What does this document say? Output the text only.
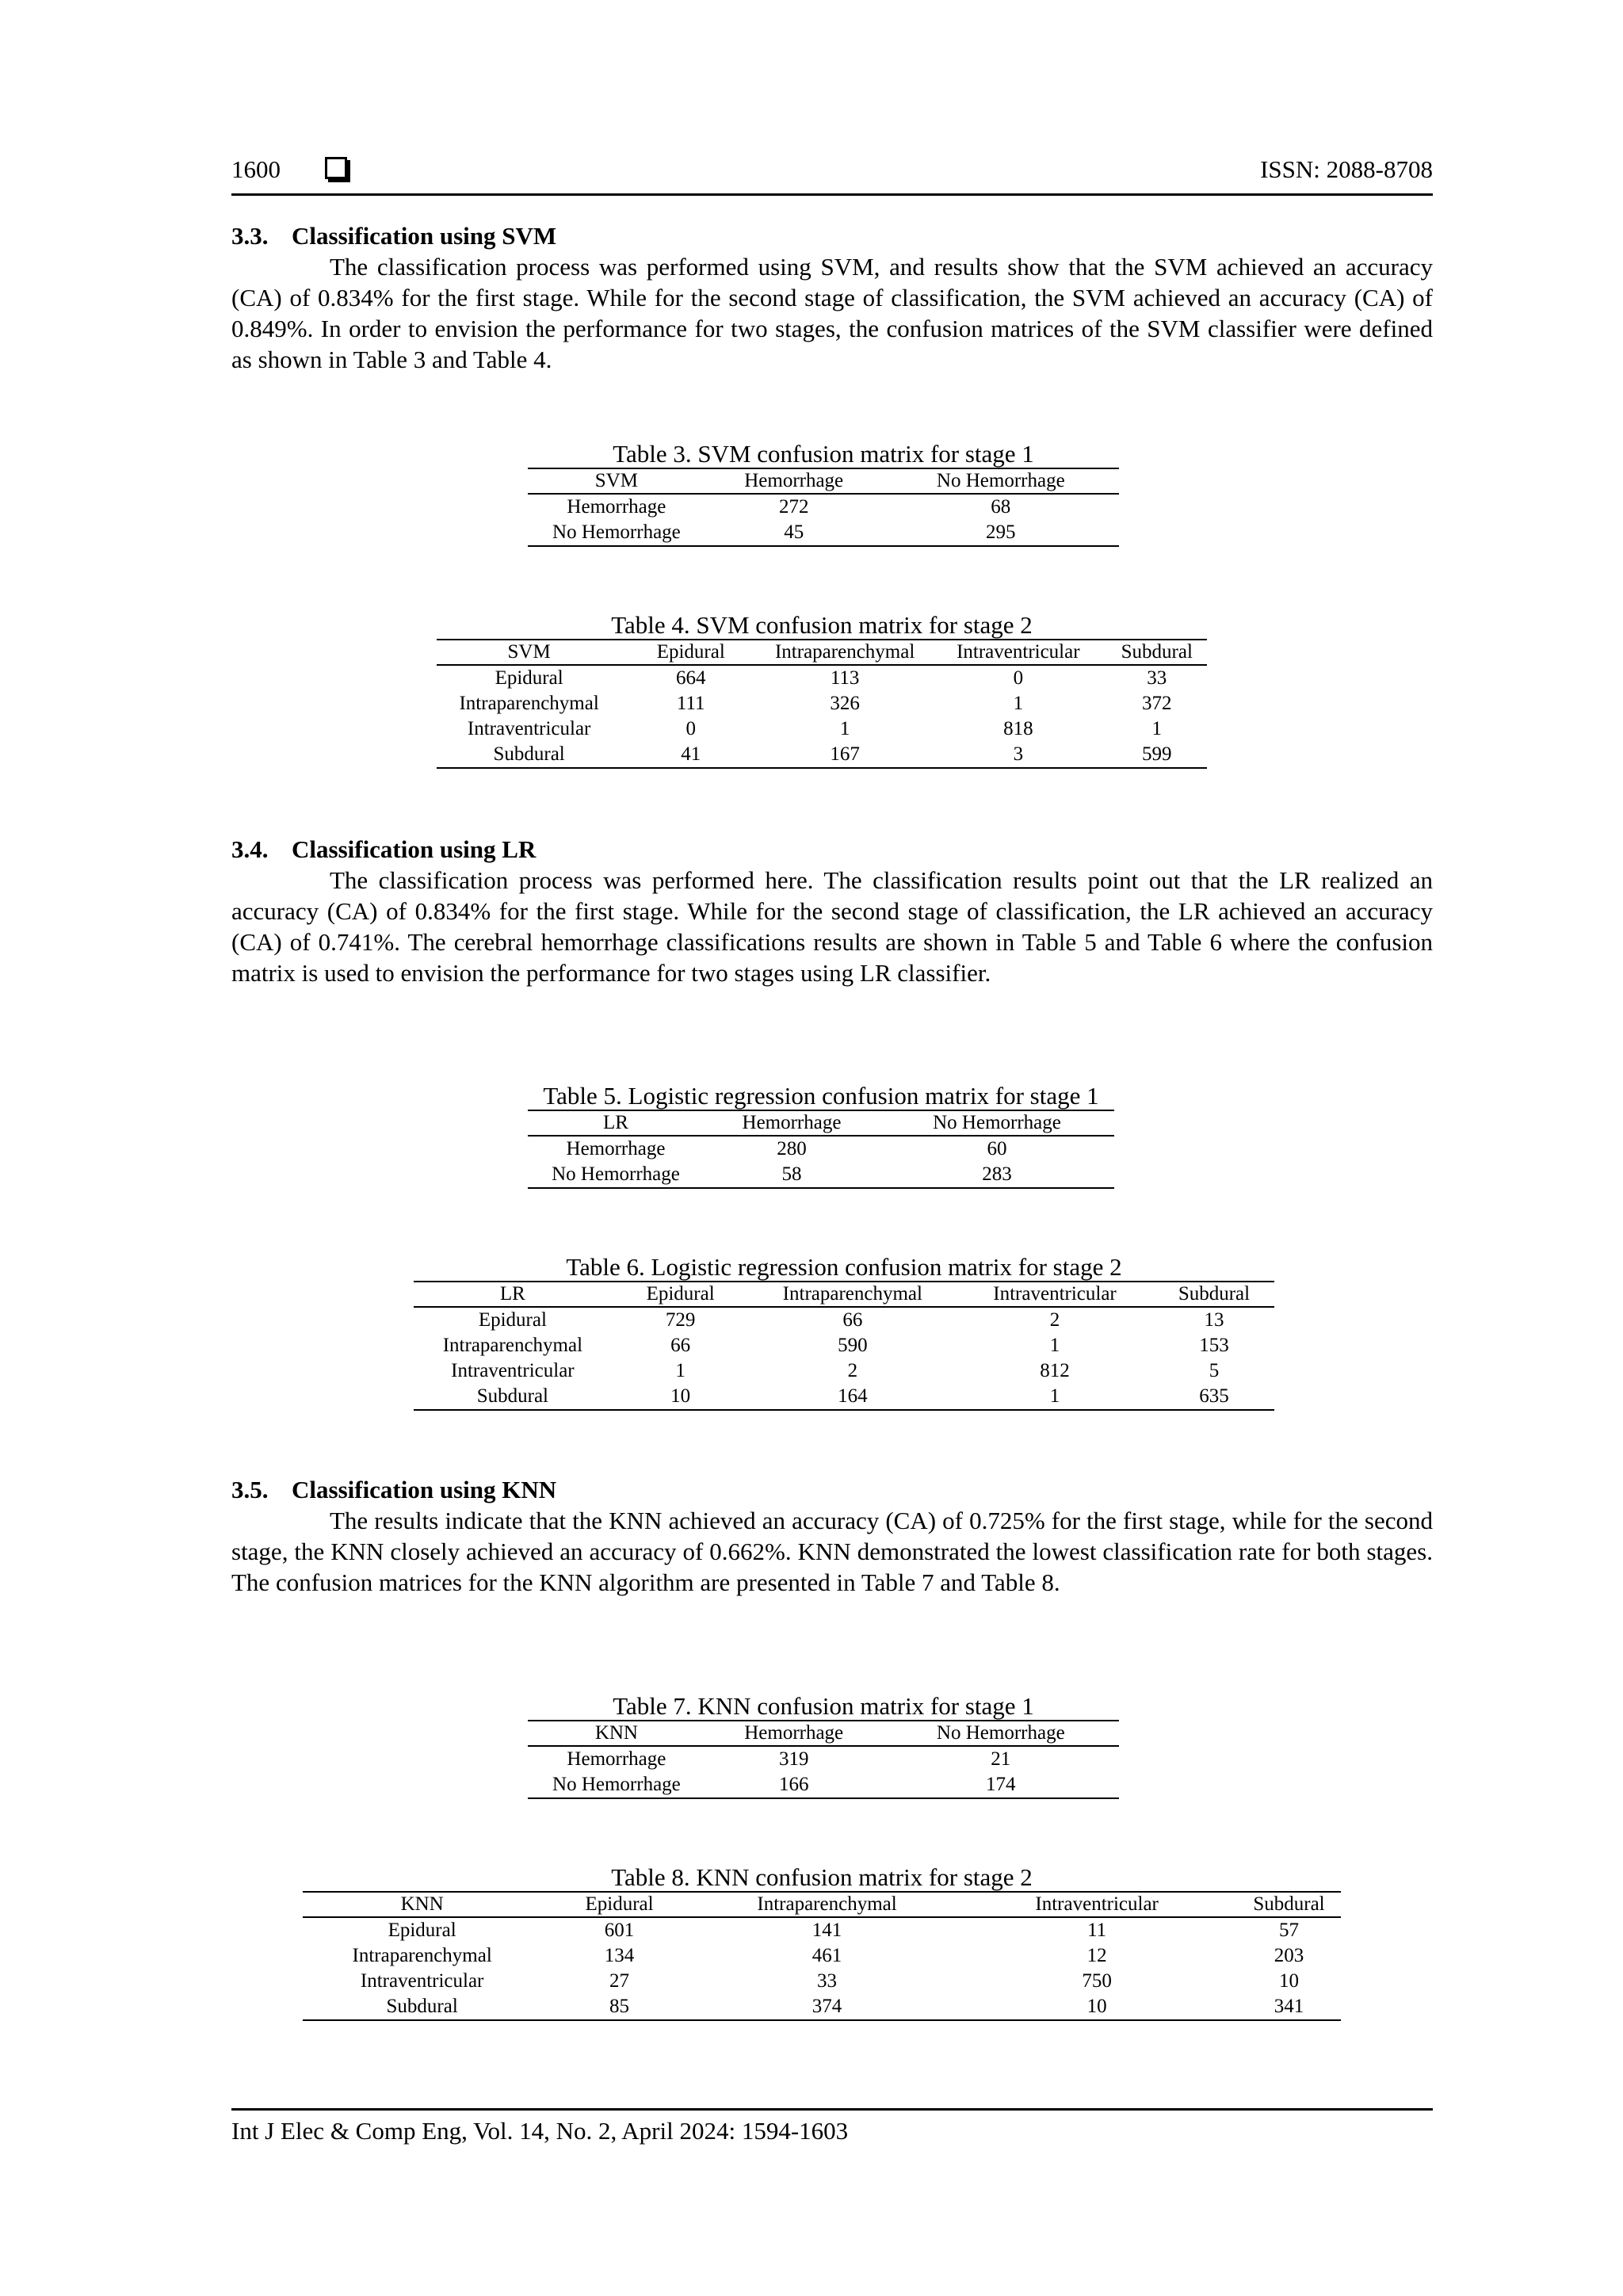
1600	ISSN: 2088-8708
3.3. Classification using SVM

The classification process was performed using SVM, and results show that the SVM achieved an accuracy (CA) of 0.834% for the first stage. While for the second stage of classification, the SVM achieved an accuracy (CA) of 0.849%. In order to envision the performance for two stages, the confusion matrices of the SVM classifier were defined as shown in Table 3 and Table 4.

Table 3. SVM confusion matrix for stage 1
SVM	Hemorrhage	No Hemorrhage
Hemorrhage	272	68
No Hemorrhage	45	295
Table 4. SVM confusion matrix for stage 2
SVM	Epidural	Intraparenchymal	Intraventricular	Subdural
Epidural	664	113	0	33
Intraparenchymal	111	326	1	372
Intraventricular	0	1	818	1
Subdural	41	167	3	599
3.4. Classification using LR

The classification process was performed here. The classification results point out that the LR realized an accuracy (CA) of 0.834% for the first stage. While for the second stage of classification, the LR achieved an accuracy (CA) of 0.741%. The cerebral hemorrhage classifications results are shown in Table 5 and Table 6 where the confusion matrix is used to envision the performance for two stages using LR classifier.

Table 5. Logistic regression confusion matrix for stage 1
LR	Hemorrhage	No Hemorrhage
Hemorrhage	280	60
No Hemorrhage	58	283
Table 6. Logistic regression confusion matrix for stage 2
LR	Epidural	Intraparenchymal	Intraventricular	Subdural
Epidural	729	66	2	13
Intraparenchymal	66	590	1	153
Intraventricular	1	2	812	5
Subdural	10	164	1	635
3.5. Classification using KNN

The results indicate that the KNN achieved an accuracy (CA) of 0.725% for the first stage, while for the second stage, the KNN closely achieved an accuracy of 0.662%. KNN demonstrated the lowest classification rate for both stages. The confusion matrices for the KNN algorithm are presented in Table 7 and Table 8.

Table 7. KNN confusion matrix for stage 1
KNN	Hemorrhage	No Hemorrhage
Hemorrhage	319	21
No Hemorrhage	166	174
Table 8. KNN confusion matrix for stage 2
KNN	Epidural	Intraparenchymal	Intraventricular	Subdural
Epidural	601	141	11	57
Intraparenchymal	134	461	12	203
Intraventricular	27	33	750	10
Subdural	85	374	10	341
Int J Elec & Comp Eng, Vol. 14, No. 2, April 2024: 1594-1603
